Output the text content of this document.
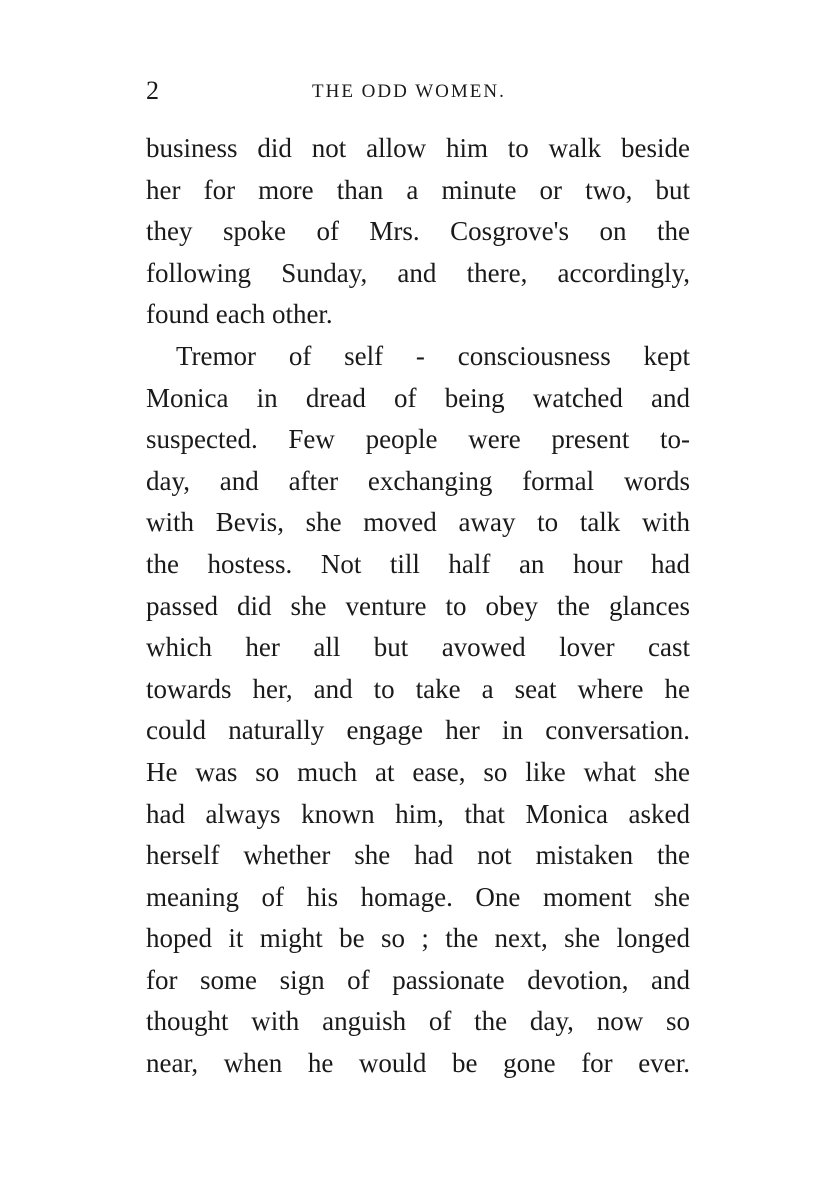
2	THE ODD WOMEN.
business did not allow him to walk beside
her for more than a minute or two, but
they spoke of Mrs. Cosgrove's on the
following Sunday, and there, accordingly,
found each other.
Tremor of self - consciousness kept
Monica in dread of being watched and
suspected. Few people were present to-
day, and after exchanging formal words
with Bevis, she moved away to talk with
the hostess. Not till half an hour had
passed did she venture to obey the glances
which her all but avowed lover cast
towards her, and to take a seat where he
could naturally engage her in conversation.
He was so much at ease, so like what she
had always known him, that Monica asked
herself whether she had not mistaken the
meaning of his homage. One moment she
hoped it might be so ; the next, she longed
for some sign of passionate devotion, and
thought with anguish of the day, now so
near, when he would be gone for ever.
